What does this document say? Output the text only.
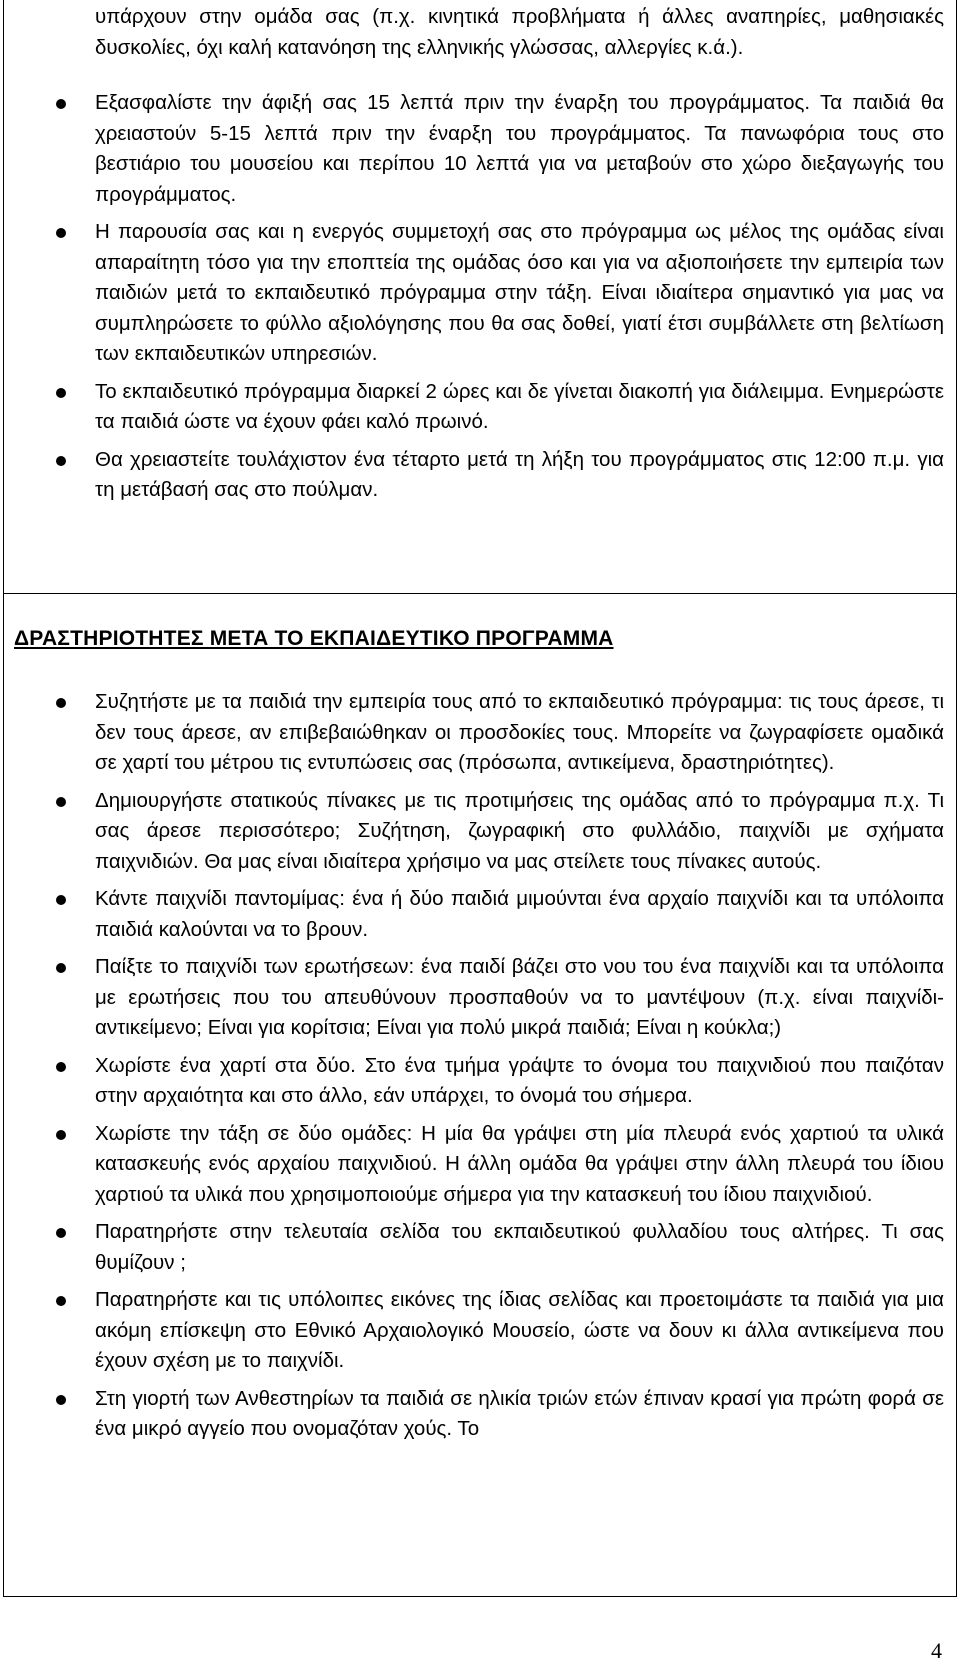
υπάρχουν στην ομάδα σας (π.χ. κινητικά προβλήματα ή άλλες αναπηρίες, μαθησιακές δυσκολίες, όχι καλή κατανόηση της ελληνικής γλώσσας, αλλεργίες κ.ά.).

Εξασφαλίστε την άφιξή σας 15 λεπτά πριν την έναρξη του προγράμματος. Τα παιδιά θα χρειαστούν 5-15 λεπτά πριν την έναρξη του προγράμματος. Τα πανωφόρια τους στο βεστιάριο του μουσείου και περίπου 10 λεπτά για να μεταβούν στο χώρο διεξαγωγής του προγράμματος.
Η παρουσία σας και η ενεργός συμμετοχή σας στο πρόγραμμα ως μέλος της ομάδας είναι απαραίτητη τόσο για την εποπτεία της ομάδας όσο και για να αξιοποιήσετε την εμπειρία των παιδιών μετά το εκπαιδευτικό πρόγραμμα στην τάξη. Είναι ιδιαίτερα σημαντικό για μας να συμπληρώσετε το φύλλο αξιολόγησης που θα σας δοθεί, γιατί έτσι συμβάλλετε στη βελτίωση των εκπαιδευτικών υπηρεσιών.
Το εκπαιδευτικό πρόγραμμα διαρκεί 2 ώρες και δε γίνεται διακοπή για διάλειμμα. Ενημερώστε τα παιδιά ώστε να έχουν φάει καλό πρωινό.
Θα χρειαστείτε τουλάχιστον ένα τέταρτο μετά τη λήξη του προγράμματος στις 12:00 π.μ. για τη μετάβασή σας στο πούλμαν.
ΔΡΑΣΤΗΡΙΟΤΗΤΕΣ ΜΕΤΑ ΤΟ ΕΚΠΑΙΔΕΥΤΙΚΟ ΠΡΟΓΡΑΜΜΑ
Συζητήστε με τα παιδιά την εμπειρία τους από το εκπαιδευτικό πρόγραμμα: τις τους άρεσε, τι δεν τους άρεσε, αν επιβεβαιώθηκαν οι προσδοκίες τους. Μπορείτε να ζωγραφίσετε ομαδικά σε χαρτί του μέτρου τις εντυπώσεις σας (πρόσωπα, αντικείμενα, δραστηριότητες).
Δημιουργήστε στατικούς πίνακες με τις προτιμήσεις της ομάδας από το πρόγραμμα π.χ. Τι σας άρεσε περισσότερο; Συζήτηση, ζωγραφική στο φυλλάδιο, παιχνίδι με σχήματα παιχνιδιών. Θα μας είναι ιδιαίτερα χρήσιμο να μας στείλετε τους πίνακες αυτούς.
Κάντε παιχνίδι παντομίμας: ένα ή δύο παιδιά μιμούνται ένα αρχαίο παιχνίδι και τα υπόλοιπα παιδιά καλούνται να το βρουν.
Παίξτε το παιχνίδι των ερωτήσεων: ένα παιδί βάζει στο νου του ένα παιχνίδι και τα υπόλοιπα με ερωτήσεις που του απευθύνουν προσπαθούν να το μαντέψουν (π.χ. είναι παιχνίδι- αντικείμενο; Είναι για κορίτσια; Είναι για πολύ μικρά παιδιά; Είναι η κούκλα;)
Χωρίστε ένα χαρτί στα δύο. Στο ένα τμήμα γράψτε το όνομα του παιχνιδιού που παιζόταν στην αρχαιότητα και στο άλλο, εάν υπάρχει, το όνομά του σήμερα.
Χωρίστε την τάξη σε δύο ομάδες: Η μία θα γράψει στη μία πλευρά ενός χαρτιού τα υλικά κατασκευής ενός αρχαίου παιχνιδιού. Η άλλη ομάδα θα γράψει στην άλλη πλευρά του ίδιου χαρτιού τα υλικά που χρησιμοποιούμε σήμερα για την κατασκευή του ίδιου παιχνιδιού.
Παρατηρήστε στην τελευταία σελίδα του εκπαιδευτικού φυλλαδίου τους αλτήρες. Τι σας θυμίζουν ;
Παρατηρήστε και τις υπόλοιπες εικόνες της ίδιας σελίδας και προετοιμάστε τα παιδιά για μια ακόμη επίσκεψη στο Εθνικό Αρχαιολογικό Μουσείο, ώστε να δουν κι άλλα αντικείμενα που έχουν σχέση με το παιχνίδι.
Στη γιορτή των Ανθεστηρίων τα παιδιά σε ηλικία τριών ετών έπιναν κρασί για πρώτη φορά σε ένα μικρό αγγείο που ονομαζόταν χούς. Το
4
